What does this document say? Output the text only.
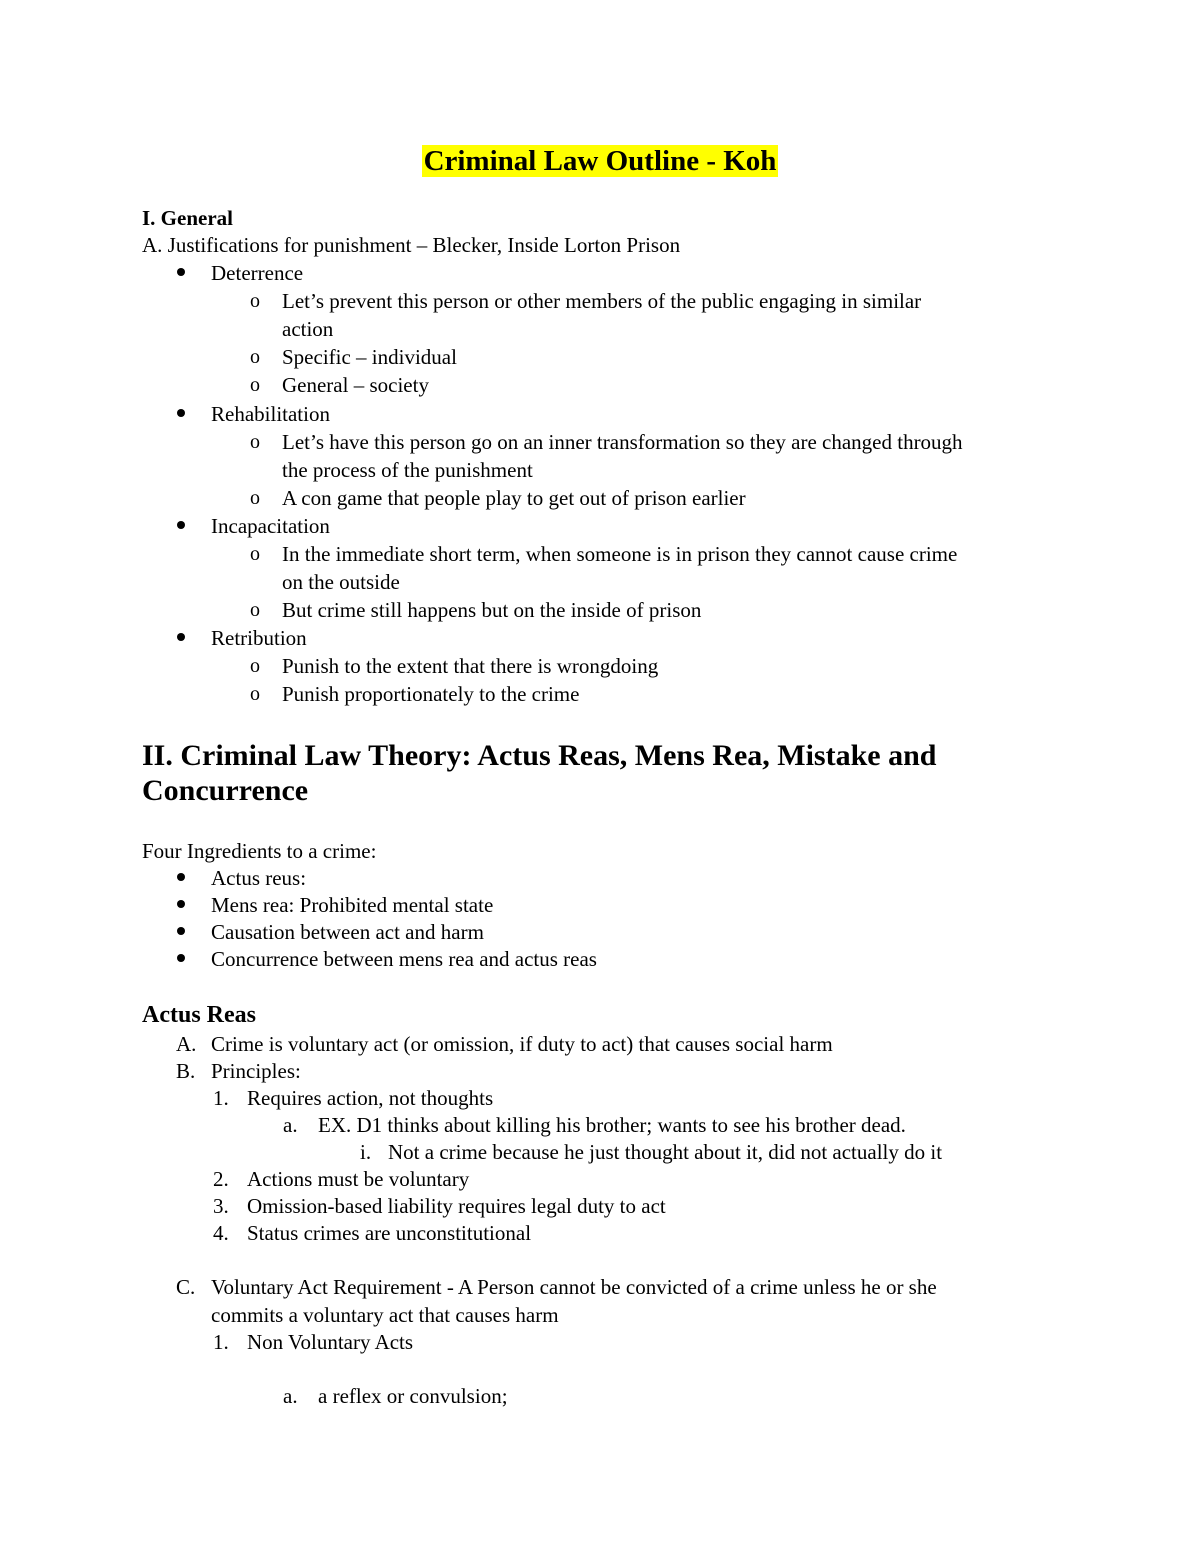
Criminal Law Outline - Koh
I. General
A. Justifications for punishment – Blecker, Inside Lorton Prison
Deterrence
o Let’s prevent this person or other members of the public engaging in similar
action
o Specific – individual
o General – society
Rehabilitation
o Let’s have this person go on an inner transformation so they are changed through
the process of the punishment
o A con game that people play to get out of prison earlier
Incapacitation
o In the immediate short term, when someone is in prison they cannot cause crime
on the outside
o But crime still happens but on the inside of prison
Retribution
o Punish to the extent that there is wrongdoing
o Punish proportionately to the crime
II. Criminal Law Theory: Actus Reas, Mens Rea, Mistake and
Concurrence
Four Ingredients to a crime:
Actus reus:
Mens rea: Prohibited mental state
Causation between act and harm
Concurrence between mens rea and actus reas
Actus Reas
A. Crime is voluntary act (or omission, if duty to act) that causes social harm
B. Principles:
1. Requires action, not thoughts
a. EX. D1 thinks about killing his brother; wants to see his brother dead.
i. Not a crime because he just thought about it, did not actually do it
2. Actions must be voluntary
3. Omission-based liability requires legal duty to act
4. Status crimes are unconstitutional
C. Voluntary Act Requirement - A Person cannot be convicted of a crime unless he or she
commits a voluntary act that causes harm
1. Non Voluntary Acts
a. a reflex or convulsion;
